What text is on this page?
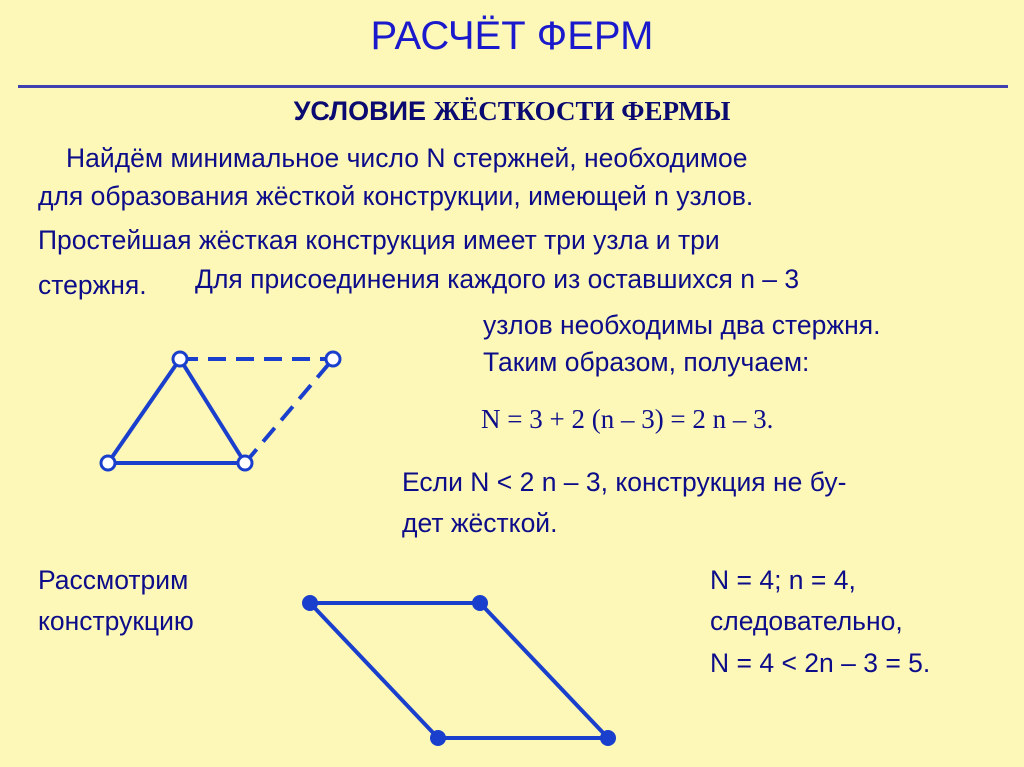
РАСЧЁТ ФЕРМ
УСЛОВИЕ ЖЁСТКОСТИ ФЕРМЫ
Найдём минимальное число N стержней, необходимое
для образования жёсткой конструкции, имеющей n узлов.
Простейшая жёсткая конструкция имеет три узла и три
стержня. Для присоединения каждого из оставшихся n – 3
узлов необходимы два стержня.
Таким образом, получаем:
N = 3 + 2 (n – 3) = 2 n – 3.
Если N < 2 n – 3, конструкция не бу-
дет жёсткой.
Рассмотрим
конструкцию
N = 4; n = 4,
следовательно,
N = 4 < 2n – 3 = 5.
